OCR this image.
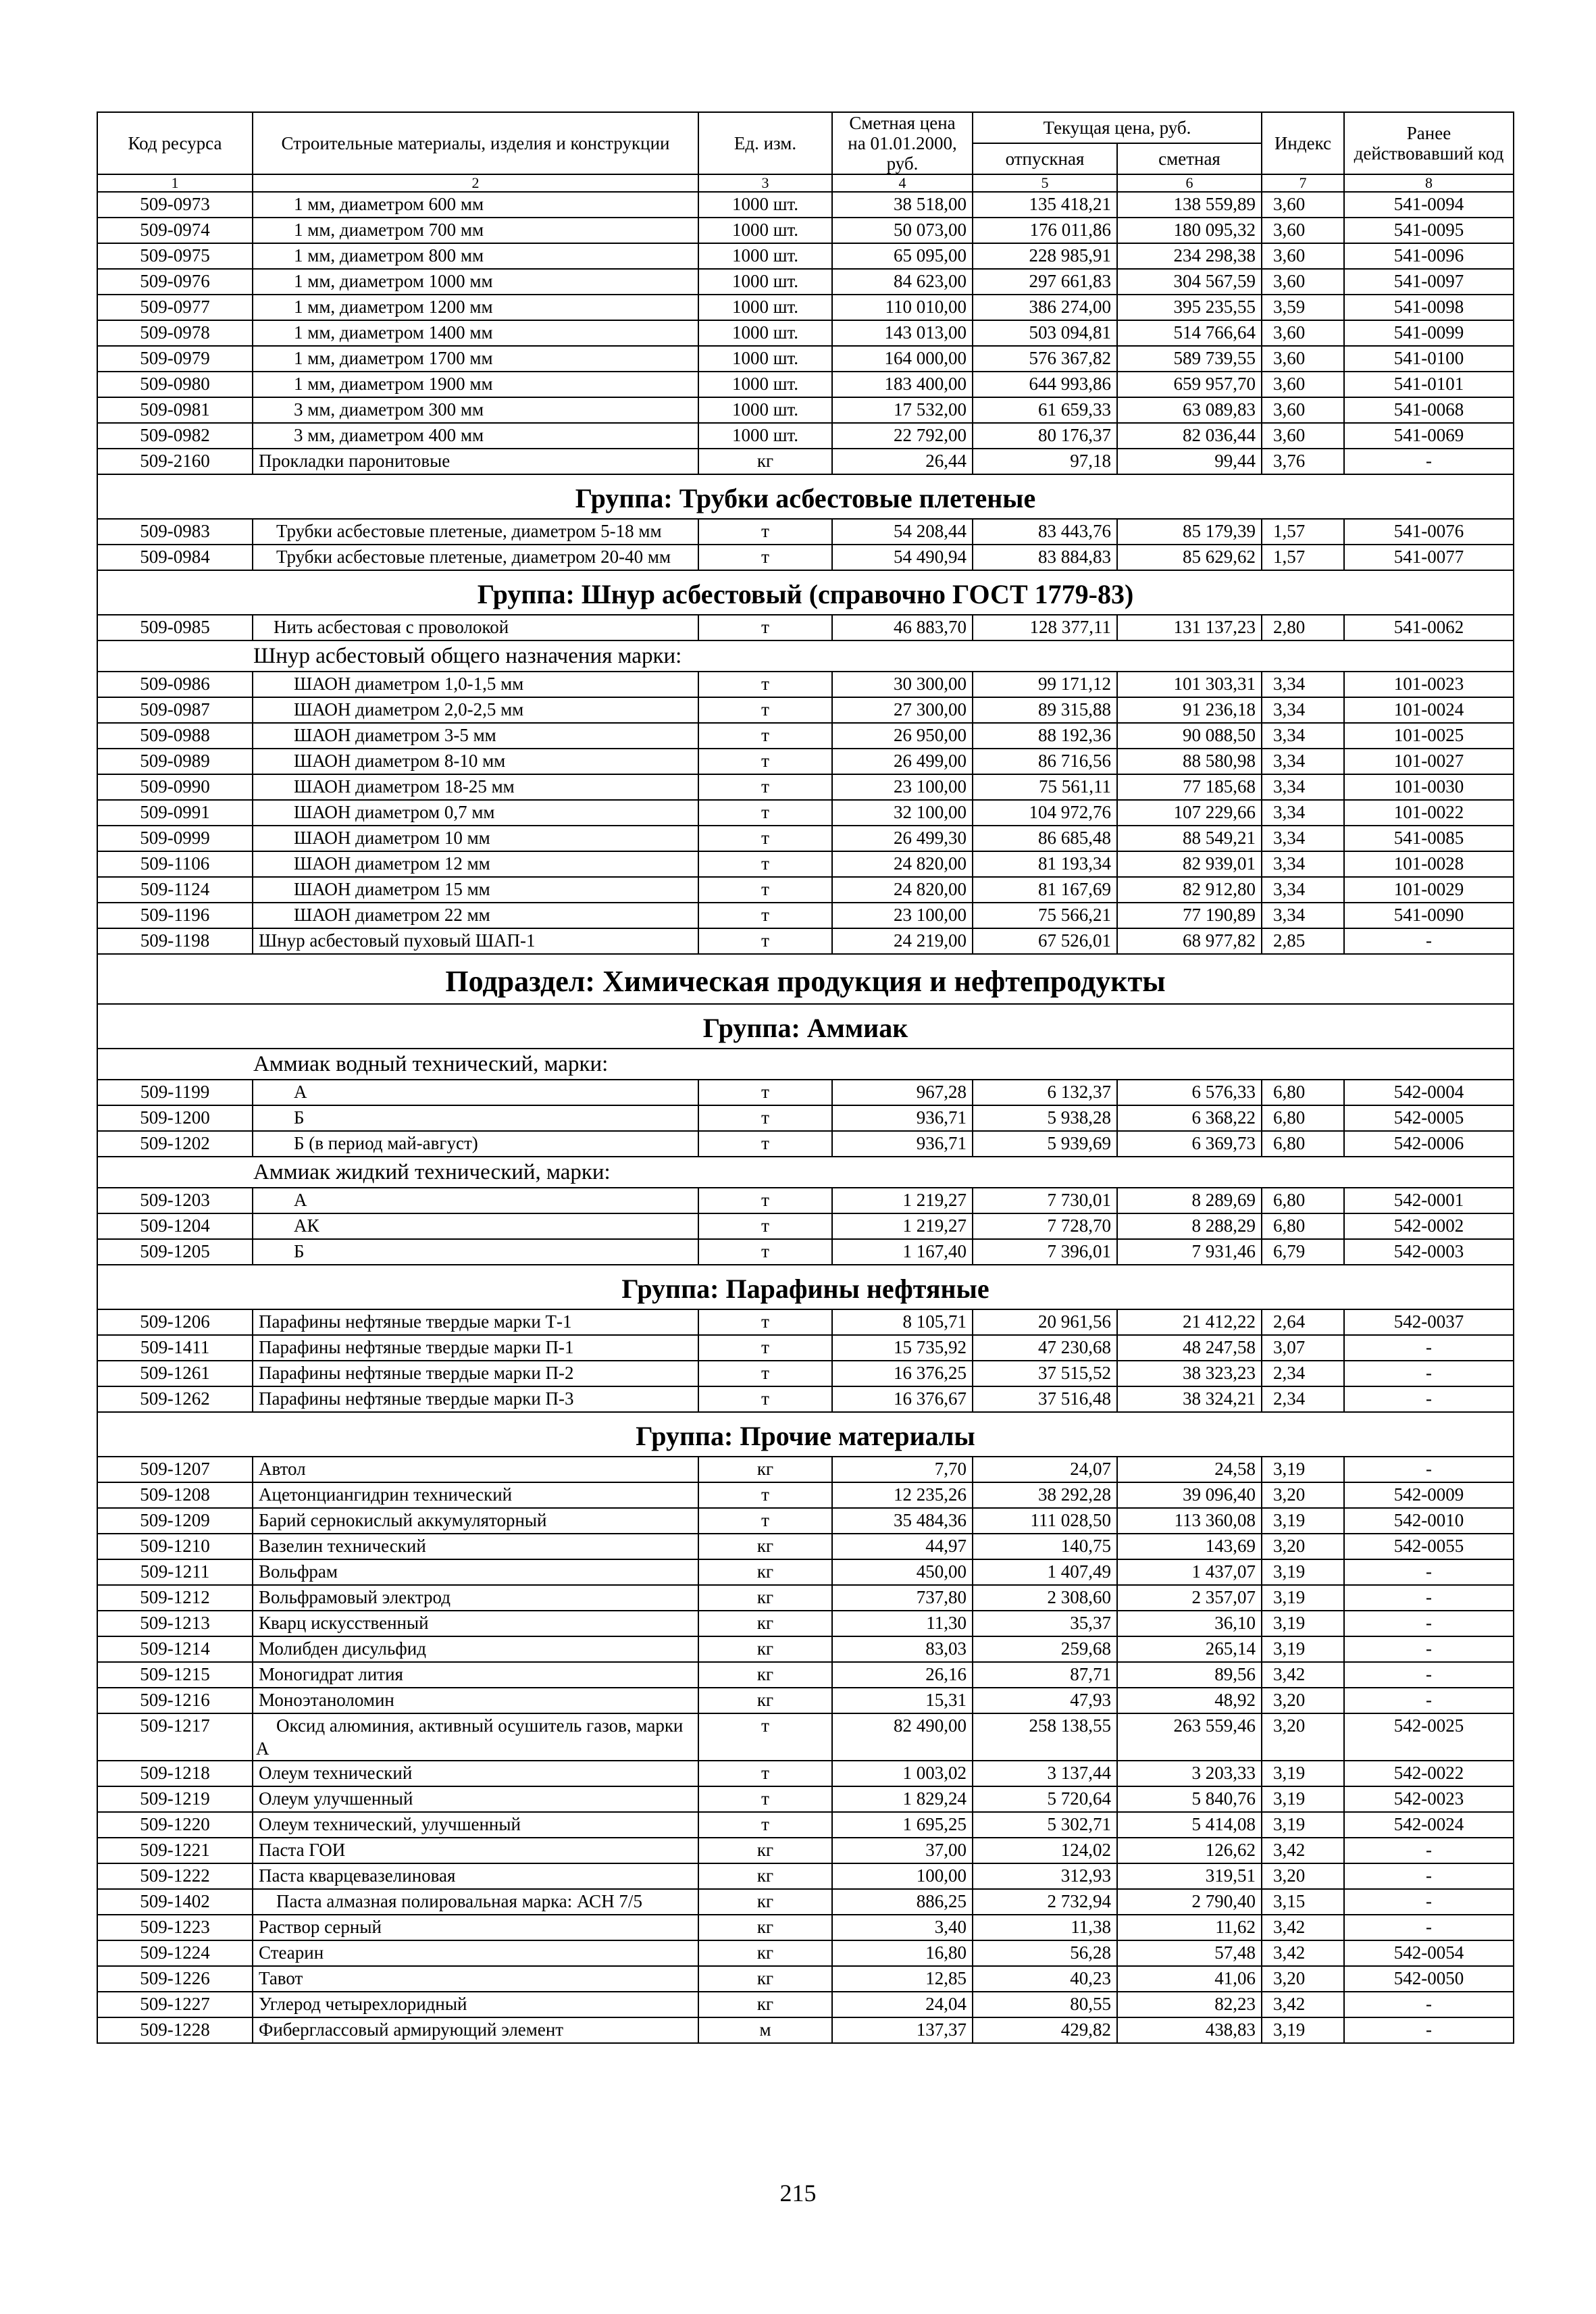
Код ресурса	Строительные материалы, изделия и конструкции	Ед. изм.	Сметная цена на 01.01.2000, руб.	Текущая цена, руб.		Индекс	Ранее действовавший код
				отпускная	сметная		
1	2	3	4	5	6	7	8
509-0973	1 мм, диаметром 600 мм	1000 шт.	38 518,00	135 418,21	138 559,89	3,60	541-0094
509-0974	1 мм, диаметром 700 мм	1000 шт.	50 073,00	176 011,86	180 095,32	3,60	541-0095
509-0975	1 мм, диаметром 800 мм	1000 шт.	65 095,00	228 985,91	234 298,38	3,60	541-0096
509-0976	1 мм, диаметром 1000 мм	1000 шт.	84 623,00	297 661,83	304 567,59	3,60	541-0097
509-0977	1 мм, диаметром 1200 мм	1000 шт.	110 010,00	386 274,00	395 235,55	3,59	541-0098
509-0978	1 мм, диаметром 1400 мм	1000 шт.	143 013,00	503 094,81	514 766,64	3,60	541-0099
509-0979	1 мм, диаметром 1700 мм	1000 шт.	164 000,00	576 367,82	589 739,55	3,60	541-0100
509-0980	1 мм, диаметром 1900 мм	1000 шт.	183 400,00	644 993,86	659 957,70	3,60	541-0101
509-0981	3 мм, диаметром 300 мм	1000 шт.	17 532,00	61 659,33	63 089,83	3,60	541-0068
509-0982	3 мм, диаметром 400 мм	1000 шт.	22 792,00	80 176,37	82 036,44	3,60	541-0069
509-2160	Прокладки паронитовые	кг	26,44	97,18	99,44	3,76	-
Группа: Трубки асбестовые плетеные							
509-0983	Трубки асбестовые плетеные, диаметром 5-18 мм	т	54 208,44	83 443,76	85 179,39	1,57	541-0076
509-0984	Трубки асбестовые плетеные, диаметром 20-40 мм	т	54 490,94	83 884,83	85 629,62	1,57	541-0077
Группа: Шнур асбестовый (справочно ГОСТ 1779-83)							
509-0985	Нить асбестовая с проволокой	т	46 883,70	128 377,11	131 137,23	2,80	541-0062
Шнур асбестовый общего назначения марки:							
509-0986	ШАОН диаметром 1,0-1,5 мм	т	30 300,00	99 171,12	101 303,31	3,34	101-0023
509-0987	ШАОН диаметром 2,0-2,5 мм	т	27 300,00	89 315,88	91 236,18	3,34	101-0024
509-0988	ШАОН диаметром 3-5 мм	т	26 950,00	88 192,36	90 088,50	3,34	101-0025
509-0989	ШАОН диаметром 8-10 мм	т	26 499,00	86 716,56	88 580,98	3,34	101-0027
509-0990	ШАОН диаметром 18-25 мм	т	23 100,00	75 561,11	77 185,68	3,34	101-0030
509-0991	ШАОН диаметром 0,7 мм	т	32 100,00	104 972,76	107 229,66	3,34	101-0022
509-0999	ШАОН диаметром 10 мм	т	26 499,30	86 685,48	88 549,21	3,34	541-0085
509-1106	ШАОН диаметром 12 мм	т	24 820,00	81 193,34	82 939,01	3,34	101-0028
509-1124	ШАОН диаметром 15 мм	т	24 820,00	81 167,69	82 912,80	3,34	101-0029
509-1196	ШАОН диаметром 22 мм	т	23 100,00	75 566,21	77 190,89	3,34	541-0090
509-1198	Шнур асбестовый пуховый ШАП-1	т	24 219,00	67 526,01	68 977,82	2,85	-
Подраздел: Химическая продукция и нефтепродукты							
Группа: Аммиак							
Аммиак водный технический, марки:							
509-1199	А	т	967,28	6 132,37	6 576,33	6,80	542-0004
509-1200	Б	т	936,71	5 938,28	6 368,22	6,80	542-0005
509-1202	Б (в период май-август)	т	936,71	5 939,69	6 369,73	6,80	542-0006
Аммиак жидкий технический, марки:							
509-1203	А	т	1 219,27	7 730,01	8 289,69	6,80	542-0001
509-1204	АК	т	1 219,27	7 728,70	8 288,29	6,80	542-0002
509-1205	Б	т	1 167,40	7 396,01	7 931,46	6,79	542-0003
Группа: Парафины нефтяные							
509-1206	Парафины нефтяные твердые марки Т-1	т	8 105,71	20 961,56	21 412,22	2,64	542-0037
509-1411	Парафины нефтяные твердые марки П-1	т	15 735,92	47 230,68	48 247,58	3,07	-
509-1261	Парафины нефтяные твердые марки П-2	т	16 376,25	37 515,52	38 323,23	2,34	-
509-1262	Парафины нефтяные твердые марки П-3	т	16 376,67	37 516,48	38 324,21	2,34	-
Группа: Прочие материалы							
509-1207	Автол	кг	7,70	24,07	24,58	3,19	-
509-1208	Ацетонциангидрин технический	т	12 235,26	38 292,28	39 096,40	3,20	542-0009
509-1209	Барий сернокислый аккумуляторный	т	35 484,36	111 028,50	113 360,08	3,19	542-0010
509-1210	Вазелин технический	кг	44,97	140,75	143,69	3,20	542-0055
509-1211	Вольфрам	кг	450,00	1 407,49	1 437,07	3,19	-
509-1212	Вольфрамовый электрод	кг	737,80	2 308,60	2 357,07	3,19	-
509-1213	Кварц искусственный	кг	11,30	35,37	36,10	3,19	-
509-1214	Молибден дисульфид	кг	83,03	259,68	265,14	3,19	-
509-1215	Моногидрат лития	кг	26,16	87,71	89,56	3,42	-
509-1216	Моноэтаноломин	кг	15,31	47,93	48,92	3,20	-
509-1217	Оксид алюминия, активный осушитель газов, марки А	т	82 490,00	258 138,55	263 559,46	3,20	542-0025
509-1218	Олеум технический	т	1 003,02	3 137,44	3 203,33	3,19	542-0022
509-1219	Олеум улучшенный	т	1 829,24	5 720,64	5 840,76	3,19	542-0023
509-1220	Олеум технический, улучшенный	т	1 695,25	5 302,71	5 414,08	3,19	542-0024
509-1221	Паста ГОИ	кг	37,00	124,02	126,62	3,42	-
509-1222	Паста кварцевазелиновая	кг	100,00	312,93	319,51	3,20	-
509-1402	Паста алмазная полировальная марка: АСН 7/5	кг	886,25	2 732,94	2 790,40	3,15	-
509-1223	Раствор серный	кг	3,40	11,38	11,62	3,42	-
509-1224	Стеарин	кг	16,80	56,28	57,48	3,42	542-0054
509-1226	Тавот	кг	12,85	40,23	41,06	3,20	542-0050
509-1227	Углерод четырехлоридный	кг	24,04	80,55	82,23	3,42	-
509-1228	Фиберглассовый армирующий элемент	м	137,37	429,82	438,83	3,19	-
215
